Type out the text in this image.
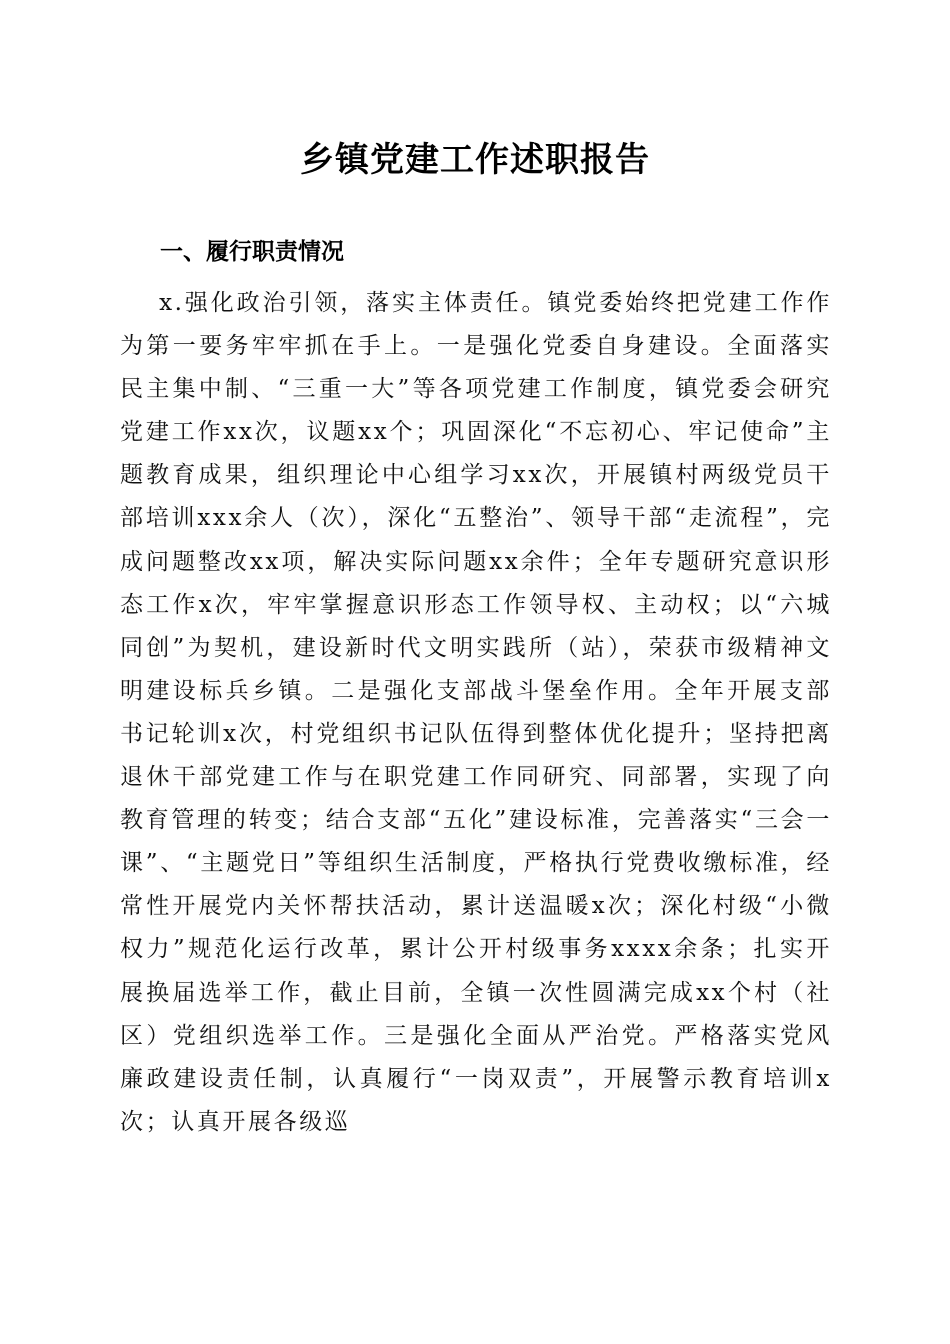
乡镇党建工作述职报告
一、履行职责情况

x.强化政治引领，落实主体责任。镇党委始终把党建工作作为第一要务牢牢抓在手上。一是强化党委自身建设。全面落实民主集中制、“三重一大”等各项党建工作制度，镇党委会研究党建工作xx次，议题xx个；巩固深化“不忘初心、牢记使命”主题教育成果，组织理论中心组学习xx次，开展镇村两级党员干部培训xxx余人（次），深化“五整治”、领导干部“走流程”，完成问题整改xx项，解决实际问题xx余件；全年专题研究意识形态工作x次，牢牢掌握意识形态工作领导权、主动权；以“六城同创”为契机，建设新时代文明实践所（站），荣获市级精神文明建设标兵乡镇。二是强化支部战斗堡垒作用。全年开展支部书记轮训x次，村党组织书记队伍得到整体优化提升；坚持把离退休干部党建工作与在职党建工作同研究、同部署，实现了向教育管理的转变；结合支部“五化”建设标准，完善落实“三会一课”、“主题党日”等组织生活制度，严格执行党费收缴标准，经常性开展党内关怀帮扶活动，累计送温暖x次；深化村级“小微权力”规范化运行改革，累计公开村级事务xxxx余条；扎实开展换届选举工作，截止目前，全镇一次性圆满完成xx个村（社区）党组织选举工作。三是强化全面从严治党。严格落实党风廉政建设责任制，认真履行“一岗双责”，开展警示教育培训x次；认真开展各级巡
